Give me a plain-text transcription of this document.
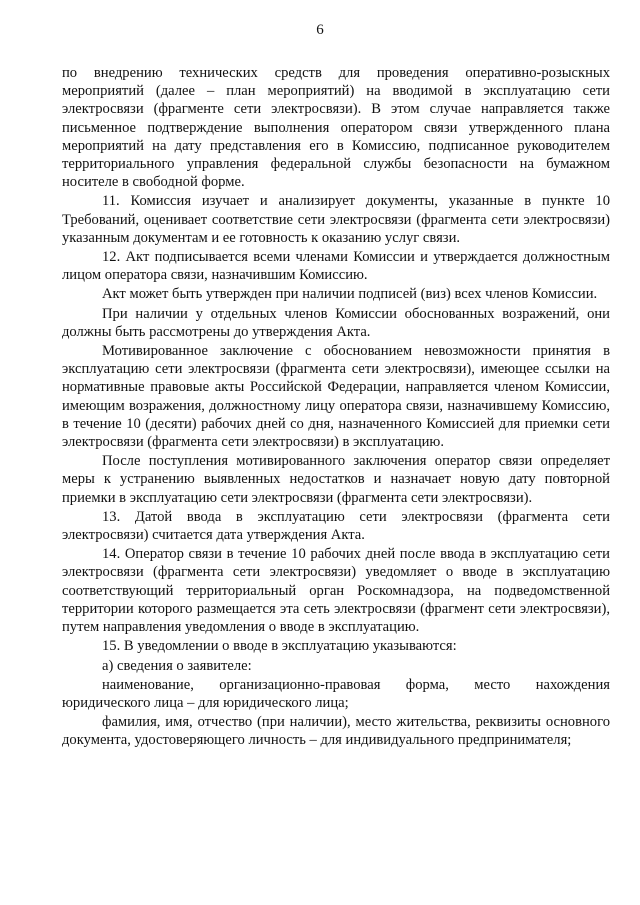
6

по внедрению технических средств для проведения оперативно-розыскных мероприятий (далее – план мероприятий) на вводимой в эксплуатацию сети электросвязи (фрагменте сети электросвязи). В этом случае направляется также письменное подтверждение выполнения оператором связи утвержденного плана мероприятий на дату представления его в Комиссию, подписанное руководителем территориального управления федеральной службы безопасности на бумажном носителе в свободной форме.

11. Комиссия изучает и анализирует документы, указанные в пункте 10 Требований, оценивает соответствие сети электросвязи (фрагмента сети электросвязи) указанным документам и ее готовность к оказанию услуг связи.

12. Акт подписывается всеми членами Комиссии и утверждается должностным лицом оператора связи, назначившим Комиссию.

Акт может быть утвержден при наличии подписей (виз) всех членов Комиссии.

При наличии у отдельных членов Комиссии обоснованных возражений, они должны быть рассмотрены до утверждения Акта.

Мотивированное заключение с обоснованием невозможности принятия в эксплуатацию сети электросвязи (фрагмента сети электросвязи), имеющее ссылки на нормативные правовые акты Российской Федерации, направляется членом Комиссии, имеющим возражения, должностному лицу оператора связи, назначившему Комиссию, в течение 10 (десяти) рабочих дней со дня, назначенного Комиссией для приемки сети электросвязи (фрагмента сети электросвязи) в эксплуатацию.

После поступления мотивированного заключения оператор связи определяет меры к устранению выявленных недостатков и назначает новую дату повторной приемки в эксплуатацию сети электросвязи (фрагмента сети электросвязи).

13. Датой ввода в эксплуатацию сети электросвязи (фрагмента сети электросвязи) считается дата утверждения Акта.

14. Оператор связи в течение 10 рабочих дней после ввода в эксплуатацию сети электросвязи (фрагмента сети электросвязи) уведомляет о вводе в эксплуатацию соответствующий территориальный орган Роскомнадзора, на подведомственной территории которого размещается эта сеть электросвязи (фрагмент сети электросвязи), путем направления уведомления о вводе в эксплуатацию.

15. В уведомлении о вводе в эксплуатацию указываются:

а) сведения о заявителе:

наименование, организационно-правовая форма, место нахождения юридического лица – для юридического лица;

фамилия, имя, отчество (при наличии), место жительства, реквизиты основного документа, удостоверяющего личность – для индивидуального предпринимателя;
